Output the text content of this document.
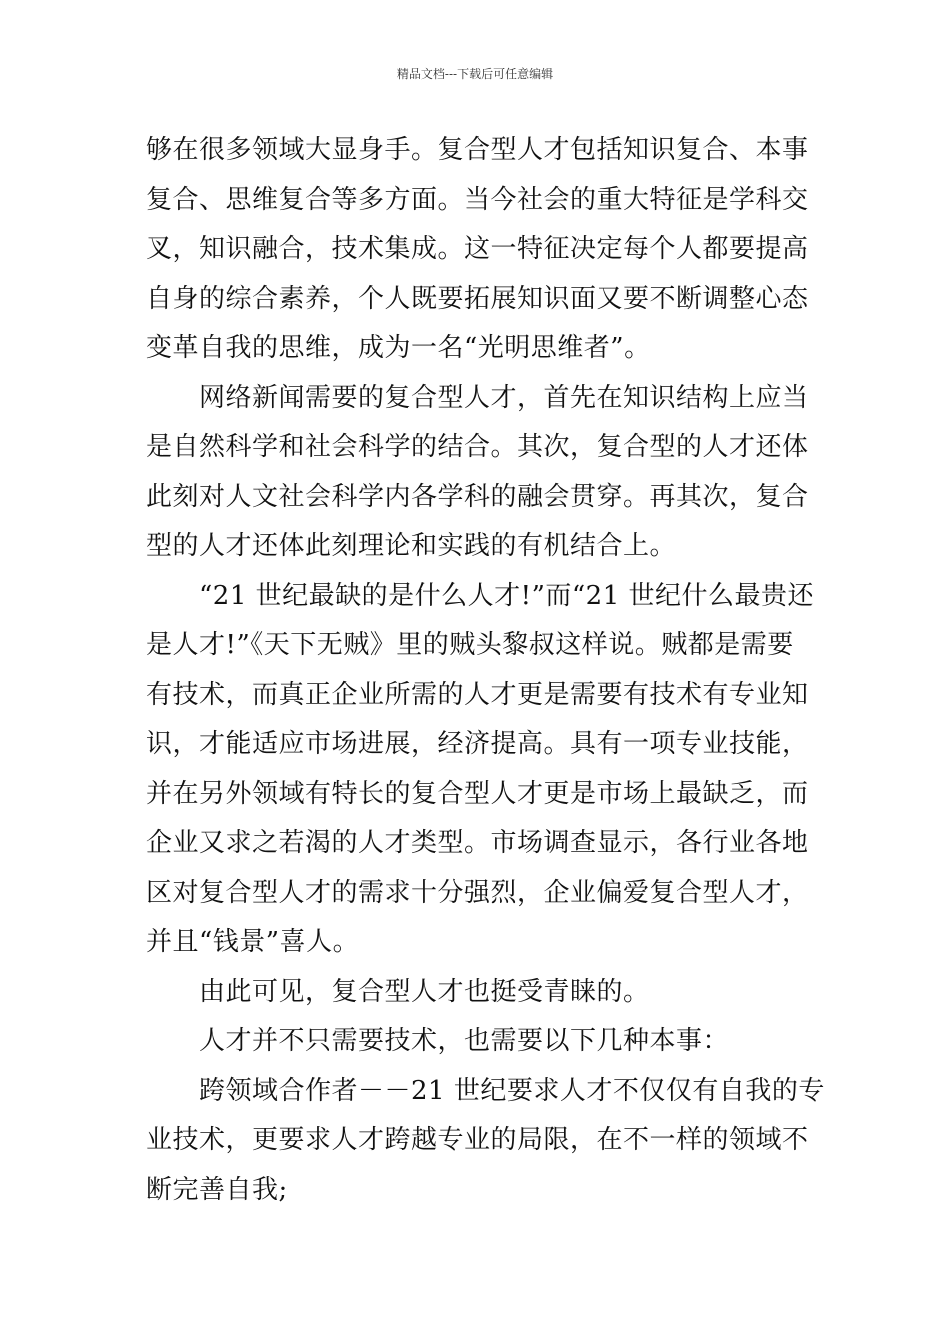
精品文档---下载后可任意编辑
够在很多领域大显身手。复合型人才包括知识复合、本事
复合、思维复合等多方面。当今社会的重大特征是学科交
叉，知识融合，技术集成。这一特征决定每个人都要提高
自身的综合素养，个人既要拓展知识面又要不断调整心态
变革自我的思维，成为一名“光明思维者”。
网络新闻需要的复合型人才，首先在知识结构上应当
是自然科学和社会科学的结合。其次，复合型的人才还体
此刻对人文社会科学内各学科的融会贯穿。再其次，复合
型的人才还体此刻理论和实践的有机结合上。
“21 世纪最缺的是什么人才!”而“21 世纪什么最贵还
是人才!”《天下无贼》里的贼头黎叔这样说。贼都是需要
有技术，而真正企业所需的人才更是需要有技术有专业知
识，才能适应市场进展，经济提高。具有一项专业技能，
并在另外领域有特长的复合型人才更是市场上最缺乏，而
企业又求之若渴的人才类型。市场调查显示，各行业各地
区对复合型人才的需求十分强烈，企业偏爱复合型人才，
并且“钱景”喜人。
由此可见，复合型人才也挺受青睐的。
人才并不只需要技术，也需要以下几种本事：
跨领域合作者－－21 世纪要求人才不仅仅有自我的专
业技术，更要求人才跨越专业的局限，在不一样的领域不
断完善自我;
